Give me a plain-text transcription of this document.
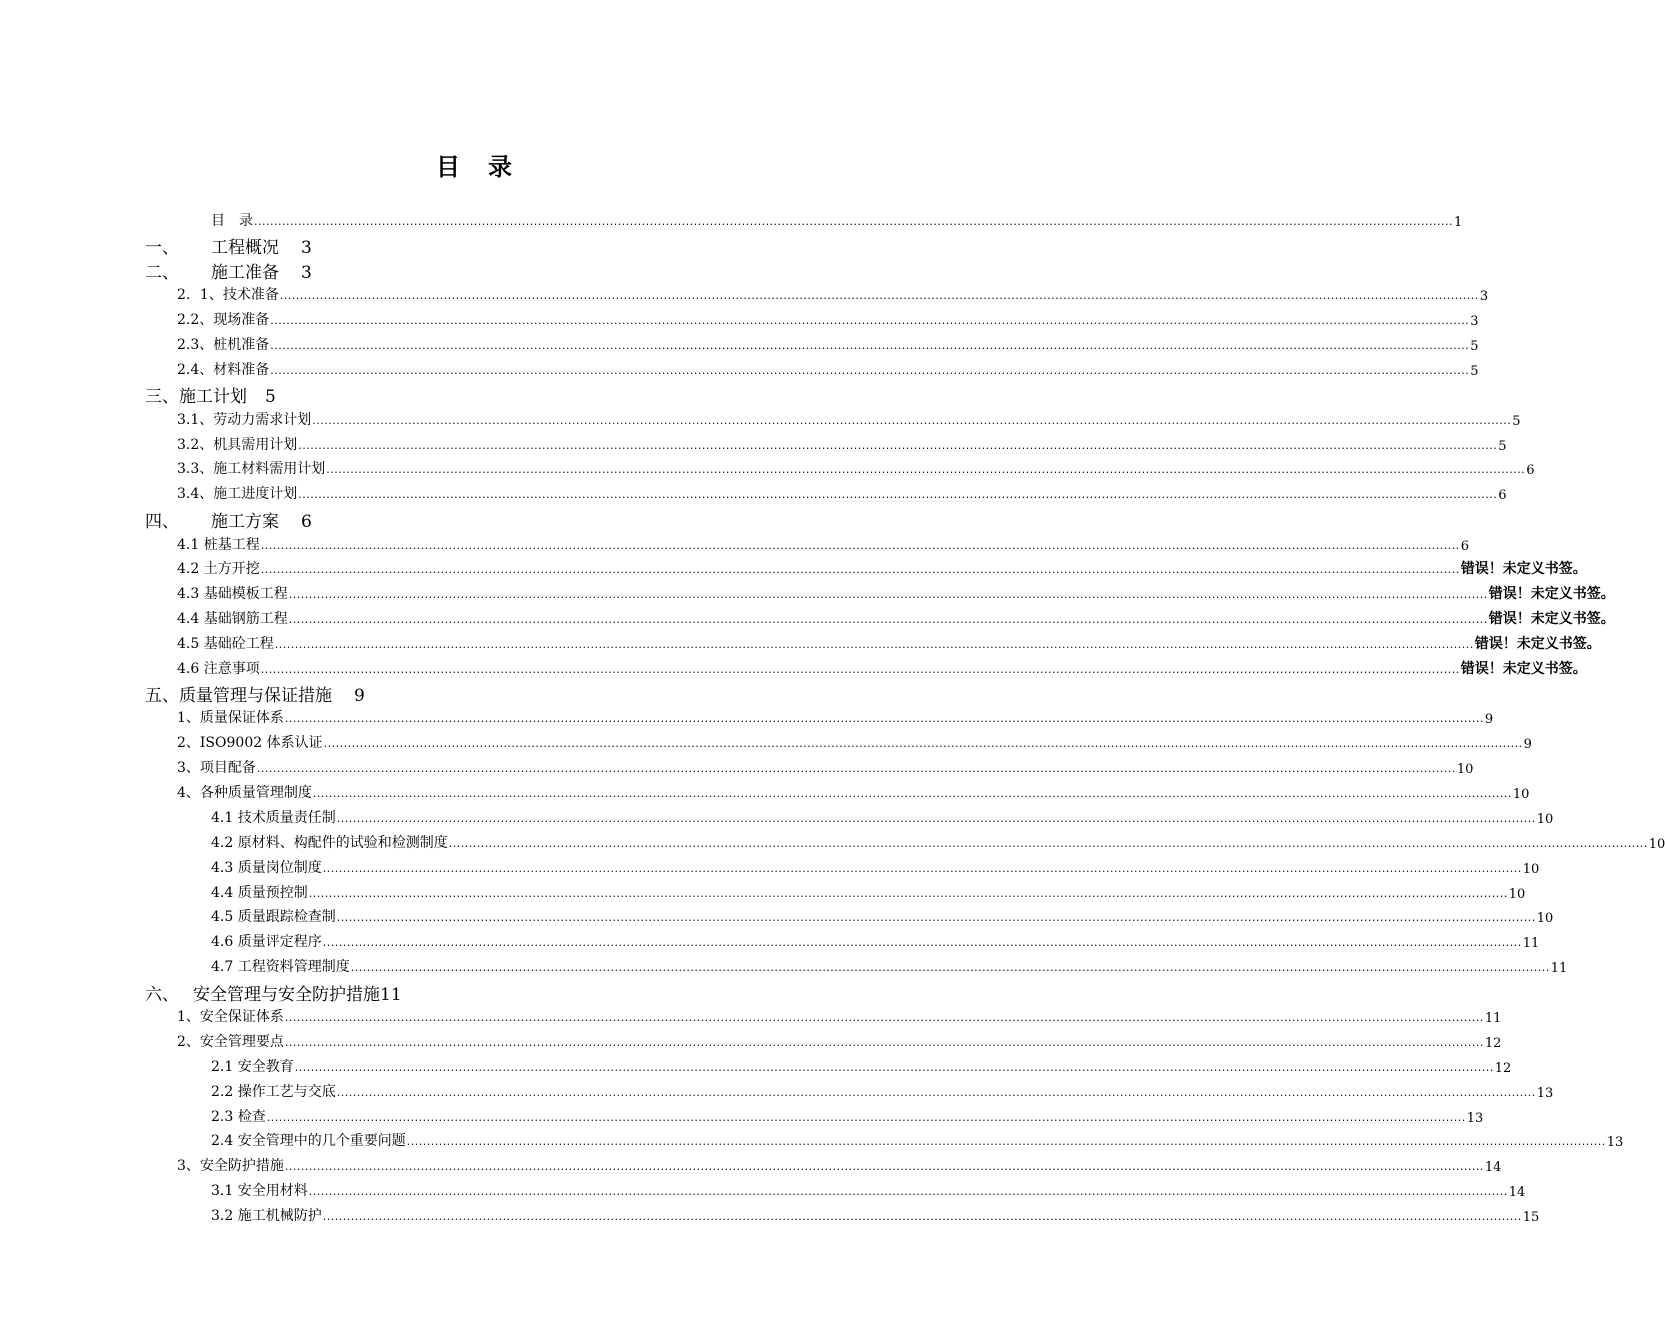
目　录
目　录 ............................................................................................................................................................................................................................................................................................................ 1
一、 工程概况 3
二、 施工准备 3
2．1、技术准备 ............................................................................................................................................................................................................................................................................................................ 3
2.2、现场准备 ............................................................................................................................................................................................................................................................................................................ 3
2.3、桩机准备 ............................................................................................................................................................................................................................................................................................................ 5
2.4、材料准备 ............................................................................................................................................................................................................................................................................................................ 5
三、施工计划 5
3.1、劳动力需求计划 ............................................................................................................................................................................................................................................................................................................ 5
3.2、机具需用计划 ............................................................................................................................................................................................................................................................................................................ 5
3.3、施工材料需用计划 ............................................................................................................................................................................................................................................................................................................ 6
3.4、施工进度计划 ............................................................................................................................................................................................................................................................................................................ 6
四、 施工方案 6
4.1 桩基工程 ............................................................................................................................................................................................................................................................................................................ 6
4.2 土方开挖 ............................................................................................................................................................................................................................................................................................................ 错误！未定义书签。
4.3 基础模板工程 ............................................................................................................................................................................................................................................................................................................ 错误！未定义书签。
4.4 基础钢筋工程 ............................................................................................................................................................................................................................................................................................................ 错误！未定义书签。
4.5 基础砼工程 ............................................................................................................................................................................................................................................................................................................ 错误！未定义书签。
4.6 注意事项 ............................................................................................................................................................................................................................................................................................................ 错误！未定义书签。
五、质量管理与保证措施 9
1、质量保证体系 ............................................................................................................................................................................................................................................................................................................ 9
2、ISO9002 体系认证 ............................................................................................................................................................................................................................................................................................................ 9
3、项目配备 ............................................................................................................................................................................................................................................................................................................ 10
4、各种质量管理制度 ............................................................................................................................................................................................................................................................................................................ 10
4.1 技术质量责任制 ............................................................................................................................................................................................................................................................................................................ 10
4.2 原材料、构配件的试验和检测制度 ............................................................................................................................................................................................................................................................................................................ 10
4.3 质量岗位制度 ............................................................................................................................................................................................................................................................................................................ 10
4.4 质量预控制 ............................................................................................................................................................................................................................................................................................................ 10
4.5 质量跟踪检查制 ............................................................................................................................................................................................................................................................................................................ 10
4.6 质量评定程序 ............................................................................................................................................................................................................................................................................................................ 11
4.7 工程资料管理制度 ............................................................................................................................................................................................................................................................................................................ 11
六、 安全管理与安全防护措施11
1、安全保证体系 ............................................................................................................................................................................................................................................................................................................ 11
2、安全管理要点 ............................................................................................................................................................................................................................................................................................................ 12
2.1 安全教育 ............................................................................................................................................................................................................................................................................................................ 12
2.2 操作工艺与交底 ............................................................................................................................................................................................................................................................................................................ 13
2.3 检查 ............................................................................................................................................................................................................................................................................................................ 13
2.4 安全管理中的几个重要问题 ............................................................................................................................................................................................................................................................................................................ 13
3、安全防护措施 ............................................................................................................................................................................................................................................................................................................ 14
3.1 安全用材料 ............................................................................................................................................................................................................................................................................................................ 14
3.2 施工机械防护 ............................................................................................................................................................................................................................................................................................................ 15
